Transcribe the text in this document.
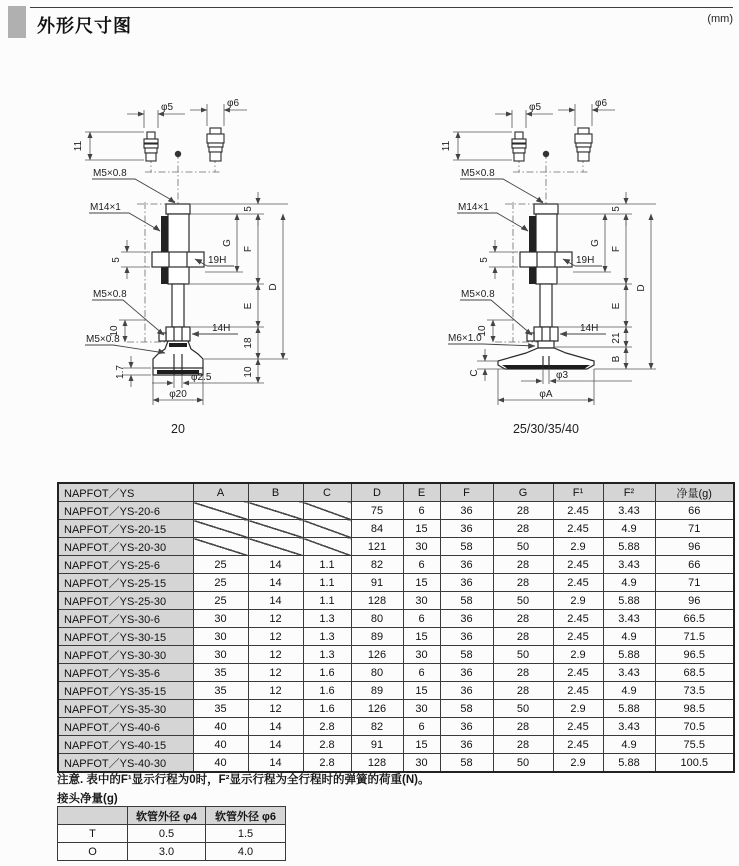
外形尺寸图	(mm)
φ5	φ6
11
M5×0.8
M14×1
5	19H
5
G
F
D
E
18
M5×0.8
10
M5×0.8
14H
1.7	10
φ2.5
φ20
20
φ5	φ6
11
M5×0.8
M14×1
5	19H
5
G
F
D
E
21
B
M5×0.8
10
M6×1.0
14H
C	φ3
φA
25/30/35/40
NAPFOT／YS	A	B	C	D	E	F	G	F¹	F²	净量(g)
NAPFOT／YS-20-6				75	6	36	28	2.45	3.43	66
NAPFOT／YS-20-15				84	15	36	28	2.45	4.9	71
NAPFOT／YS-20-30				121	30	58	50	2.9	5.88	96
NAPFOT／YS-25-6	25	14	1.1	82	6	36	28	2.45	3.43	66
NAPFOT／YS-25-15	25	14	1.1	91	15	36	28	2.45	4.9	71
NAPFOT／YS-25-30	25	14	1.1	128	30	58	50	2.9	5.88	96
NAPFOT／YS-30-6	30	12	1.3	80	6	36	28	2.45	3.43	66.5
NAPFOT／YS-30-15	30	12	1.3	89	15	36	28	2.45	4.9	71.5
NAPFOT／YS-30-30	30	12	1.3	126	30	58	50	2.9	5.88	96.5
NAPFOT／YS-35-6	35	12	1.6	80	6	36	28	2.45	3.43	68.5
NAPFOT／YS-35-15	35	12	1.6	89	15	36	28	2.45	4.9	73.5
NAPFOT／YS-35-30	35	12	1.6	126	30	58	50	2.9	5.88	98.5
NAPFOT／YS-40-6	40	14	2.8	82	6	36	28	2.45	3.43	70.5
NAPFOT／YS-40-15	40	14	2.8	91	15	36	28	2.45	4.9	75.5
NAPFOT／YS-40-30	40	14	2.8	128	30	58	50	2.9	5.88	100.5
注意. 表中的F¹显示行程为0时，F²显示行程为全行程时的弹簧的荷重(N)。
接头净量(g)
	软管外径 φ4	软管外径 φ6
T	0.5	1.5
O	3.0	4.0
